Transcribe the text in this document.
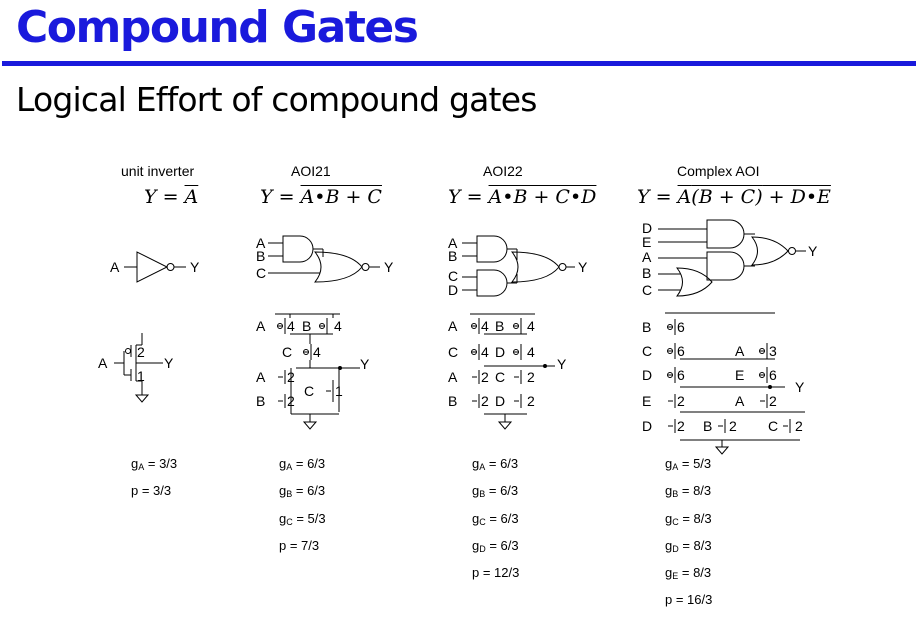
Compound Gates
Logical Effort of compound gates
unit inverter	AOI21	AOI22	Complex AOI
$Y = \overline{A}$	Y = A•B + C	Y = A•B + C•D Y = A(B + C) + D•E
A	Y
A
B
C	Y
A
B
C
D
Y
D
E
A
B
C
Y
A	Y
2
1
A 4 B 4
C 4
A 2
B 2
C 1
Y
A 4 B 4
C 4 D 4
A 2 C 2
B 2 D 2
Y
B 6
C 6
D 6	E 6
A 3
E 2
D 2
A 2
B 2 C 2
Y
$g_A = 3/3$
p = 3/3
$g_A = 6/3$
$g_B = 6/3$
$g_C = 5/3$
p = 7/3
$g_A = 6/3$
$g_B = 6/3$
$g_C = 6/3$
$g_D = 6/3$
p = 12/3
$g_A = 5/3$
$g_B = 8/3$
$g_C = 8/3$
$g_D = 8/3$
$g_E = 8/3$
p = 16/3
